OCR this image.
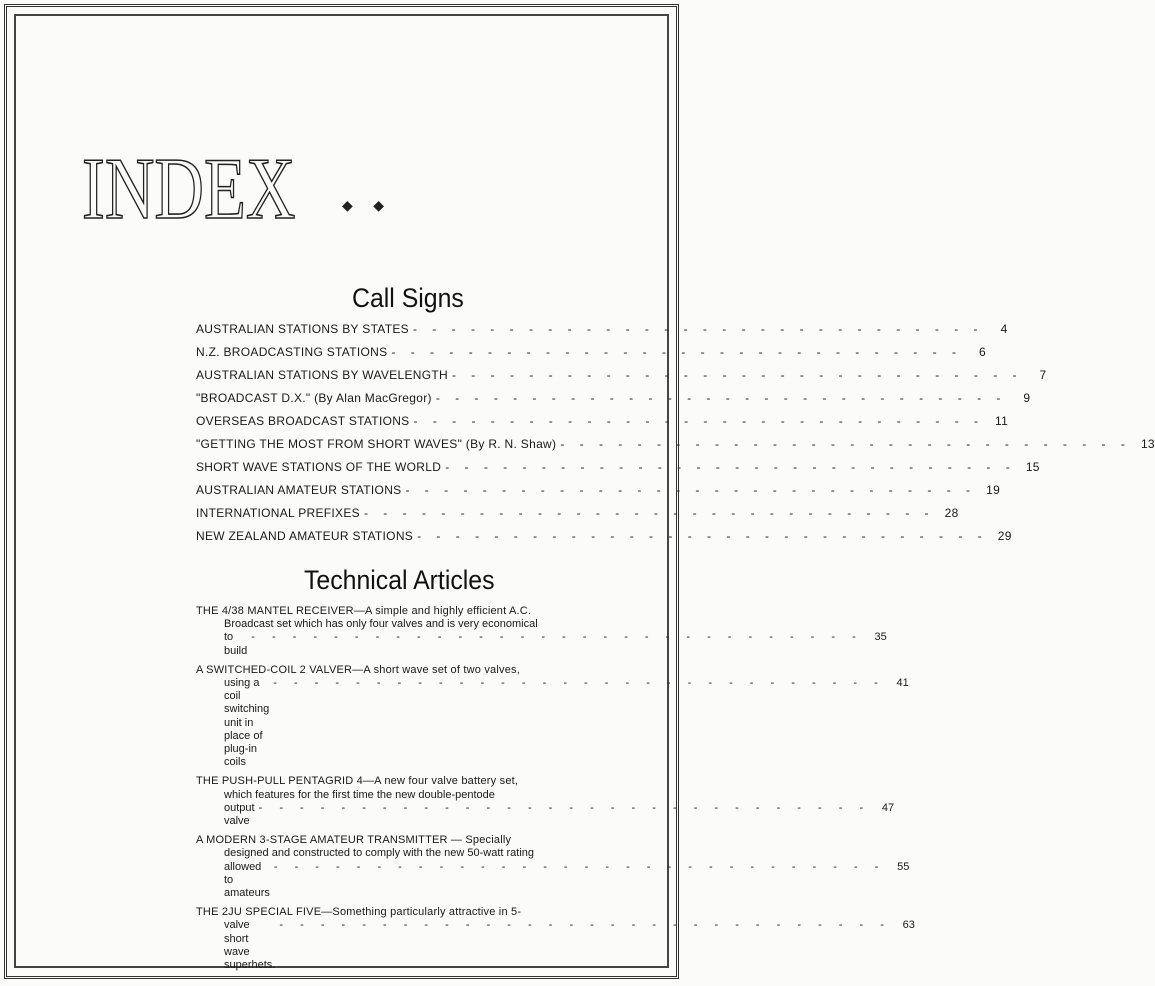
INDEX	◆ ◆
Call Signs
AUSTRALIAN STATIONS BY STATES - - - - - - - - - - - - - - - - - - - - - - - - - - - - - -	4
N.Z. BROADCASTING STATIONS - - - - - - - - - - - - - - - - - - - - - - - - - - - - - -	6
AUSTRALIAN STATIONS BY WAVELENGTH - - - - - - - - - - - - - - - - - - - - - - - - - - - - - -	7
"BROADCAST D.X." (By Alan MacGregor) - - - - - - - - - - - - - - - - - - - - - - - - - - - - - -	9
OVERSEAS BROADCAST STATIONS - - - - - - - - - - - - - - - - - - - - - - - - - - - - - - 11
"GETTING THE MOST FROM SHORT WAVES" (By R. N. Shaw) - - - - - - - - - - - - - - - - - - - - - - - - - - - - - - 13
SHORT WAVE STATIONS OF THE WORLD - - - - - - - - - - - - - - - - - - - - - - - - - - - - - - 15
AUSTRALIAN AMATEUR STATIONS - - - - - - - - - - - - - - - - - - - - - - - - - - - - - - 19
INTERNATIONAL PREFIXES - - - - - - - - - - - - - - - - - - - - - - - - - - - - - - 28
NEW ZEALAND AMATEUR STATIONS - - - - - - - - - - - - - - - - - - - - - - - - - - - - - - 29
Technical Articles
THE 4/38 MANTEL RECEIVER—A simple and highly efficient A.C.
Broadcast set which has only four valves and is very economical
to build
- - - - - - - - - - - - - - - - - - - - - - - - - - - - - -	35
A SWITCHED-COIL 2 VALVER—A short wave set of two valves,
using a coil switching unit in place of plug-in coils
- - - - - - - - - - - - - - - - - - - - - - - - - - - - - -	41
THE PUSH-PULL PENTAGRID 4—A new four valve battery set,
which features for the first time the new double-pentode
output valve
- - - - - - - - - - - - - - - - - - - - - - - - - - - - - -	47
A MODERN 3-STAGE AMATEUR TRANSMITTER — Specially
designed and constructed to comply with the new 50-watt rating
allowed to amateurs
- - - - - - - - - - - - - - - - - - - - - - - - - - - - - -	55
THE 2JU SPECIAL FIVE—Something particularly attractive in 5-
valve short wave superhets.
- - - - - - - - - - - - - - - - - - - - - - - - - - - - - -	63
